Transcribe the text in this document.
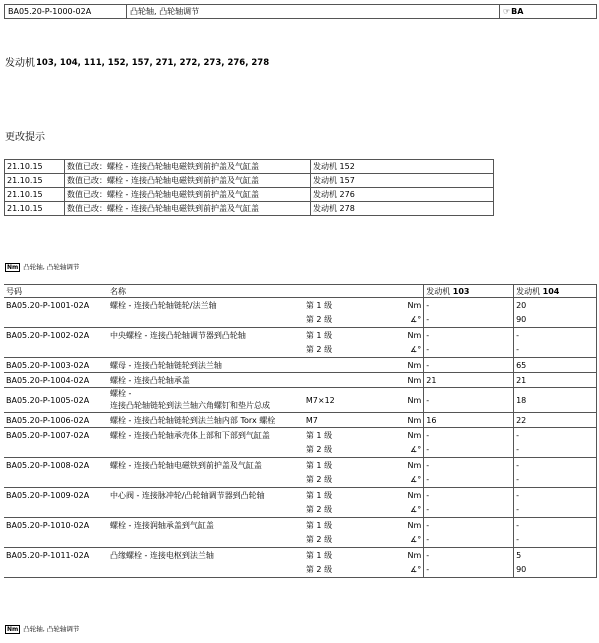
BA05.20-P-1000-02A	凸轮轴, 凸轮轴调节	☞BA
发动机 103, 104, 111, 152, 157, 271, 272, 273, 276, 278
更改提示
21.10.15	数值已改：螺栓 - 连接凸轮轴电磁铁到前护盖及气缸盖	发动机 152
21.10.15	数值已改：螺栓 - 连接凸轮轴电磁铁到前护盖及气缸盖	发动机 157
21.10.15	数值已改：螺栓 - 连接凸轮轴电磁铁到前护盖及气缸盖	发动机 276
21.10.15	数值已改：螺栓 - 连接凸轮轴电磁铁到前护盖及气缸盖	发动机 278
Nm 凸轮轴, 凸轮轴调节
号码	名称			发动机 103	发动机 104
BA05.20-P-1001-02A	螺栓 - 连接凸轮轴链轮/法兰轴	第 1 级	Nm	-	20
		第 2 级	∡°	-	90
BA05.20-P-1002-02A	中央螺栓 - 连接凸轮轴调节器到凸轮轴	第 1 级	Nm	-	-
		第 2 级	∡°	-	-
BA05.20-P-1003-02A	螺母 - 连接凸轮轴链轮到法兰轴		Nm	-	65
BA05.20-P-1004-02A	螺栓 - 连接凸轮轴承盖		Nm	21	21
BA05.20-P-1005-02A	螺栓 -
连接凸轮轴链轮到法兰轴六角螺钉和垫片总成	M7×12	Nm	-	18
BA05.20-P-1006-02A	螺栓 - 连接凸轮轴链轮到法兰轴内部 Torx 螺栓	M7	Nm	16	22
BA05.20-P-1007-02A	螺栓 - 连接凸轮轴承壳体上部和下部到气缸盖	第 1 级	Nm	-	-
		第 2 级	∡°	-	-
BA05.20-P-1008-02A	螺栓 - 连接凸轮轴电磁铁到前护盖及气缸盖	第 1 级	Nm	-	-
		第 2 级	∡°	-	-
BA05.20-P-1009-02A	中心阀 - 连接脉冲轮/凸轮轴调节器到凸轮轴	第 1 级	Nm	-	-
		第 2 级	∡°	-	-
BA05.20-P-1010-02A	螺栓 - 连接润轴承盖到气缸盖	第 1 级	Nm	-	-
		第 2 级	∡°	-	-
BA05.20-P-1011-02A	凸缘螺栓 - 连接电枢到法兰轴	第 1 级	Nm	-	5
		第 2 级	∡°	-	90
Nm 凸轮轴, 凸轮轴调节
